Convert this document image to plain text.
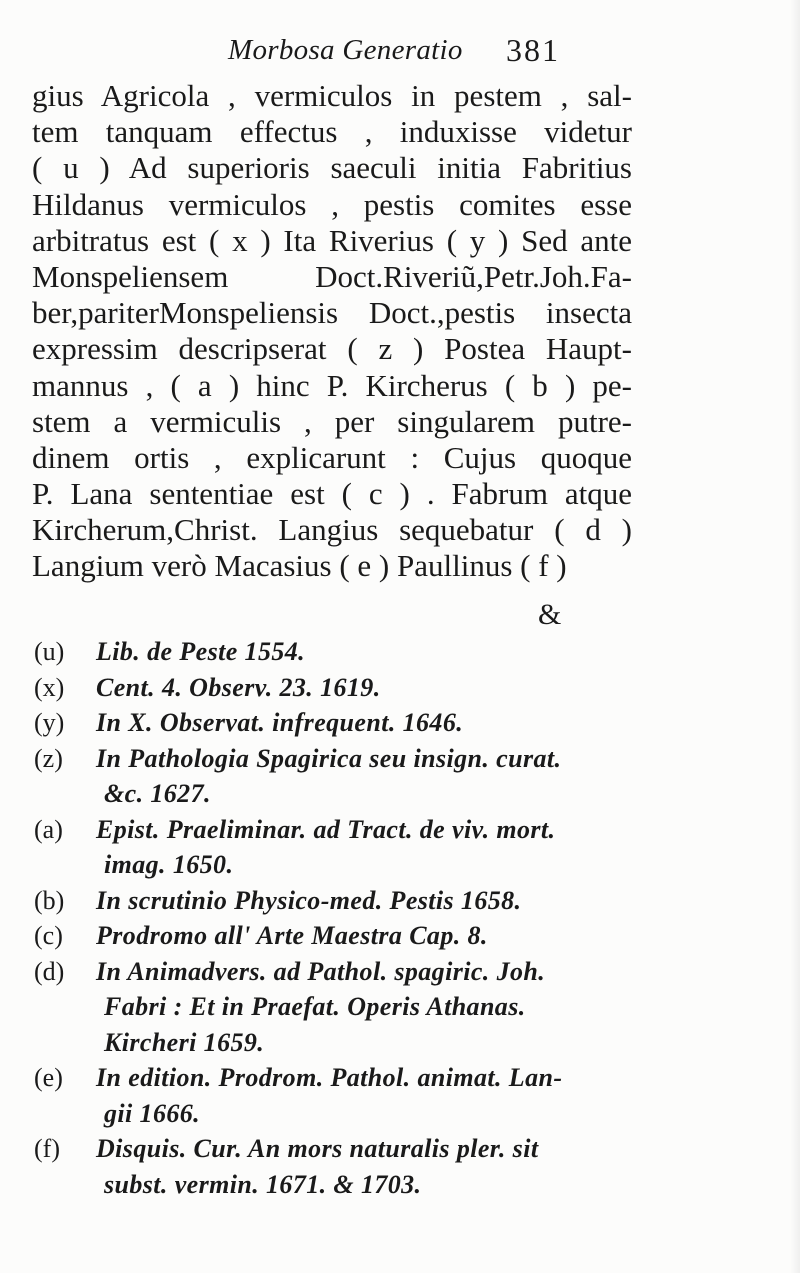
Morbosa Generatio 381
gius Agricola , vermiculos in pestem , sal-
tem tanquam effectus , induxisse videtur
( u ) Ad superioris saeculi initia Fabritius
Hildanus vermiculos , pestis comites esse
arbitratus est ( x ) Ita Riverius ( y ) Sed ante
Monspeliensem Doct.Riveriũ,Petr.Joh.Fa-
ber,pariterMonspeliensis Doct.,pestis insecta
expressim descripserat ( z ) Postea Haupt-
mannus , ( a ) hinc P. Kircherus ( b ) pe-
stem a vermiculis , per singularem putre-
dinem ortis , explicarunt : Cujus quoque
P. Lana sententiae est ( c ) . Fabrum atque
Kircherum,Christ. Langius sequebatur ( d )
Langium verò Macasius ( e ) Paullinus ( f )
&
(u)	Lib. de Peste 1554.
(x)	Cent. 4. Observ. 23. 1619.
(y)	In X. Observat. infrequent. 1646.
(z)	In Pathologia Spagirica seu insign. curat.
&c. 1627.
(a)	Epist. Praeliminar. ad Tract. de viv. mort.
imag. 1650.
(b)	In scrutinio Physico-med. Pestis 1658.
(c)	Prodromo all' Arte Maestra Cap. 8.
(d)	In Animadvers. ad Pathol. spagiric. Joh.
Fabri : Et in Praefat. Operis Athanas.
Kircheri 1659.
(e)	In edition. Prodrom. Pathol. animat. Lan-
gii 1666.
(f)	Disquis. Cur. An mors naturalis pler. sit
subst. vermin. 1671. & 1703.
